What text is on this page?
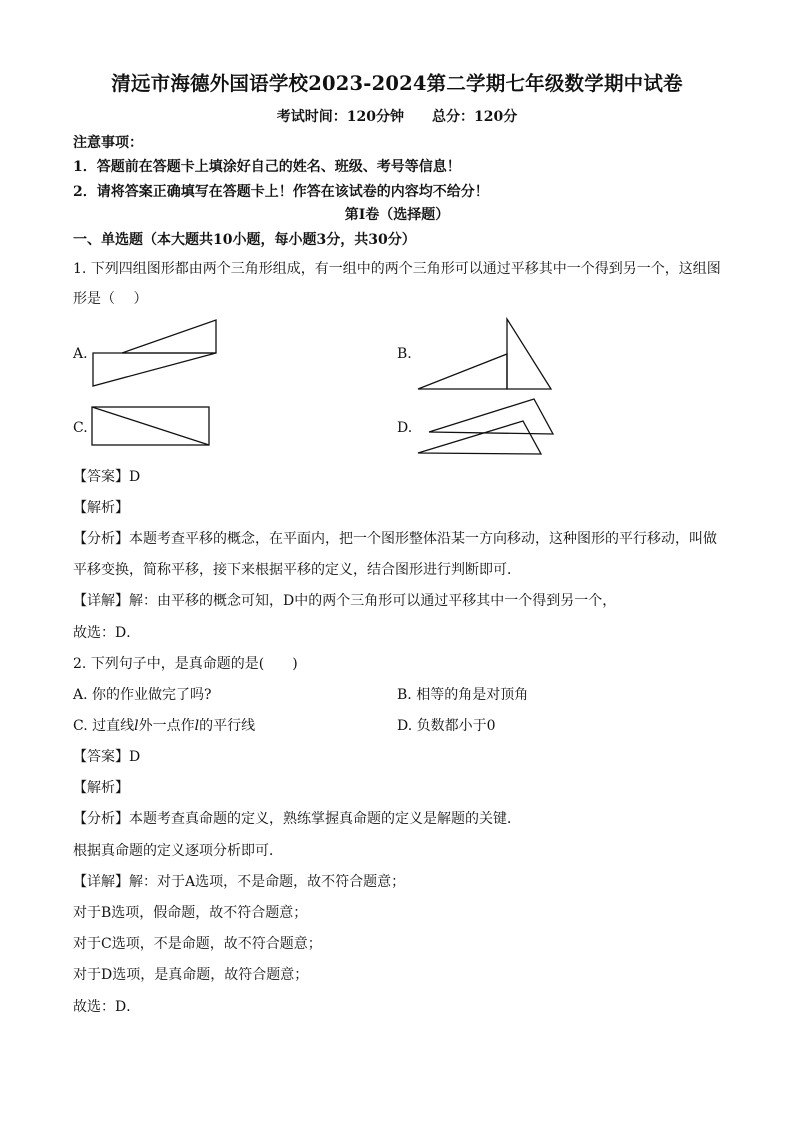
清远市海德外国语学校2023-2024第二学期七年级数学期中试卷
考试时间：120分钟 总分：120分
注意事项：
1．答题前在答题卡上填涂好自己的姓名、班级、考号等信息！
2．请将答案正确填写在答题卡上！作答在该试卷的内容均不给分！
第I卷（选择题）
一、单选题（本大题共10小题，每小题3分，共30分）
1. 下列四组图形都由两个三角形组成，有一组中的两个三角形可以通过平移其中一个得到另一个，这组图
形是（　 ）
A.	B.
C.	D.
【答案】D
【解析】
【分析】本题考查平移的概念，在平面内，把一个图形整体沿某一方向移动，这种图形的平行移动，叫做
平移变换，简称平移，接下来根据平移的定义，结合图形进行判断即可．
【详解】解：由平移的概念可知，D中的两个三角形可以通过平移其中一个得到另一个，
故选：D．
2. 下列句子中，是真命题的是(　　)
A. 你的作业做完了吗?	B. 相等的角是对顶角
C. 过直线l外一点作l的平行线	D. 负数都小于0
【答案】D
【解析】
【分析】本题考查真命题的定义，熟练掌握真命题的定义是解题的关键．
根据真命题的定义逐项分析即可．
【详解】解：对于A选项，不是命题，故不符合题意；
对于B选项，假命题，故不符合题意；
对于C选项，不是命题，故不符合题意；
对于D选项，是真命题，故符合题意；
故选：D．
